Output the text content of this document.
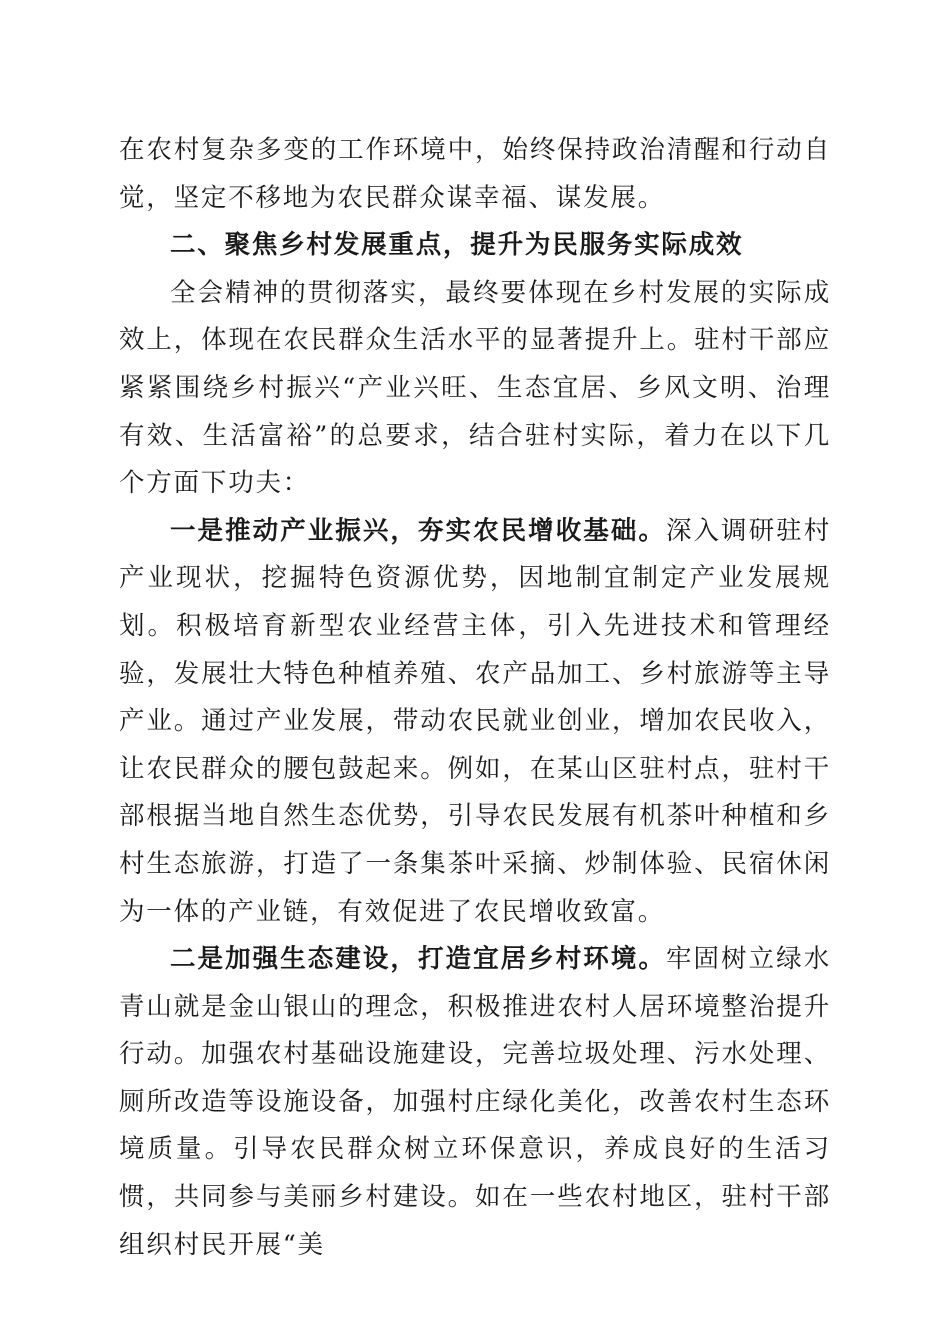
在农村复杂多变的工作环境中，始终保持政治清醒和行动自觉，坚定不移地为农民群众谋幸福、谋发展。

二、聚焦乡村发展重点，提升为民服务实际成效

全会精神的贯彻落实，最终要体现在乡村发展的实际成效上，体现在农民群众生活水平的显著提升上。驻村干部应紧紧围绕乡村振兴“产业兴旺、生态宜居、乡风文明、治理有效、生活富裕”的总要求，结合驻村实际，着力在以下几个方面下功夫：

一是推动产业振兴，夯实农民增收基础。深入调研驻村产业现状，挖掘特色资源优势，因地制宜制定产业发展规划。积极培育新型农业经营主体，引入先进技术和管理经验，发展壮大特色种植养殖、农产品加工、乡村旅游等主导产业。通过产业发展，带动农民就业创业，增加农民收入，让农民群众的腰包鼓起来。例如，在某山区驻村点，驻村干部根据当地自然生态优势，引导农民发展有机茶叶种植和乡村生态旅游，打造了一条集茶叶采摘、炒制体验、民宿休闲为一体的产业链，有效促进了农民增收致富。

二是加强生态建设，打造宜居乡村环境。牢固树立绿水青山就是金山银山的理念，积极推进农村人居环境整治提升行动。加强农村基础设施建设，完善垃圾处理、污水处理、厕所改造等设施设备，加强村庄绿化美化，改善农村生态环境质量。引导农民群众树立环保意识，养成良好的生活习惯，共同参与美丽乡村建设。如在一些农村地区，驻村干部组织村民开展“美
